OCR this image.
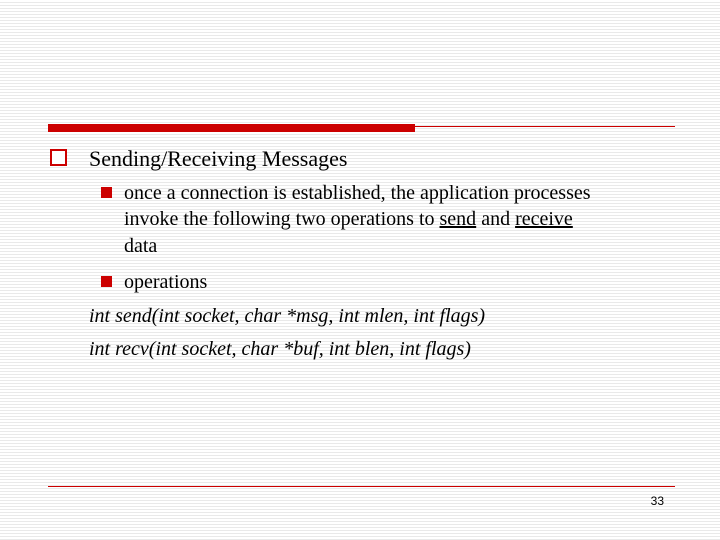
Sending/Receiving Messages
once a connection is established, the application processes
invoke the following two operations to send and receive
data
operations
int send(int socket, char *msg, int mlen, int flags)
int recv(int socket, char *buf, int blen, int flags)
33
